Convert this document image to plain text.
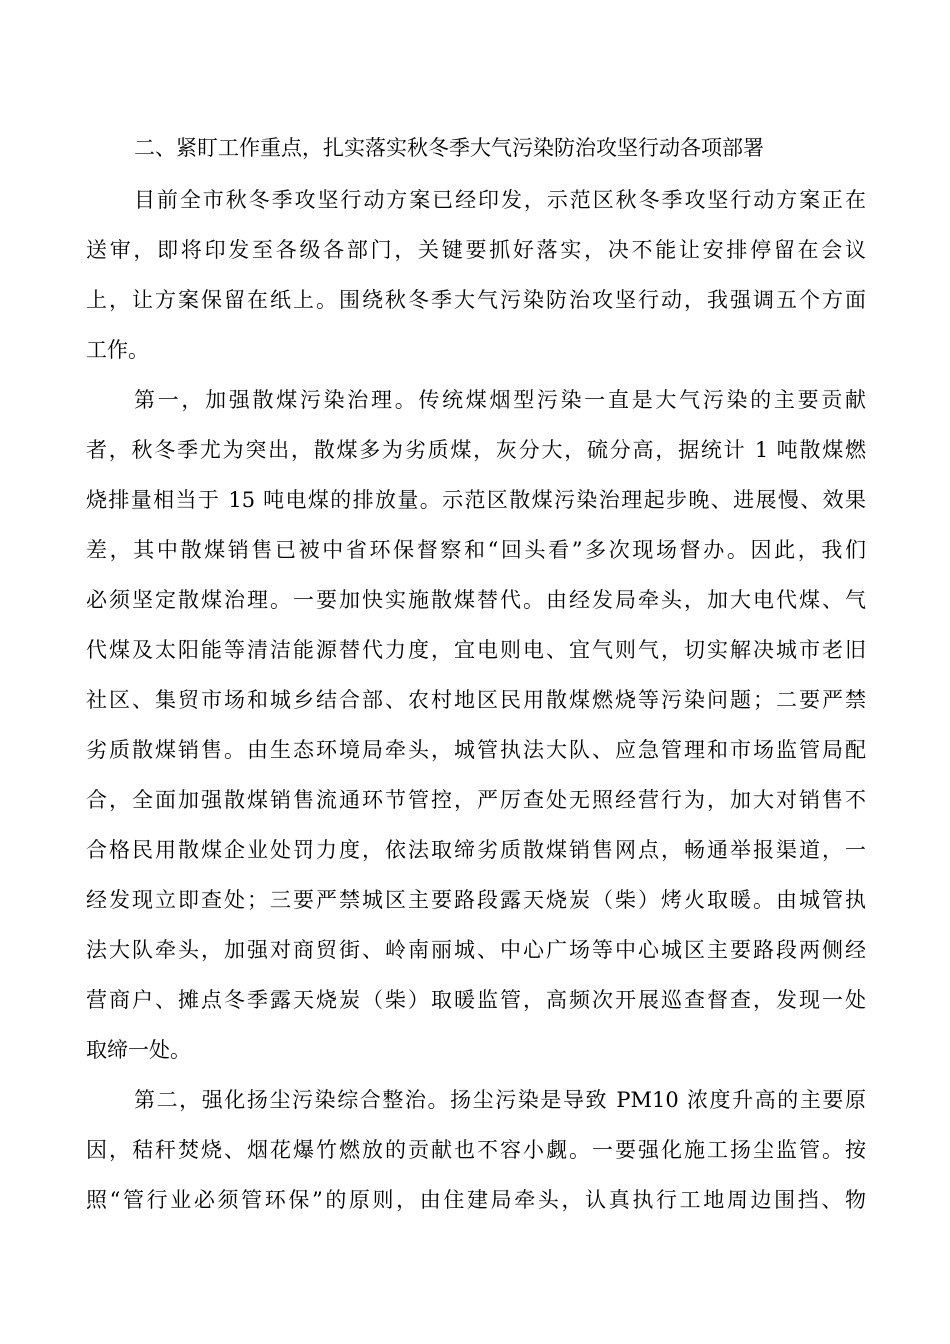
二、紧盯工作重点，扎实落实秋冬季大气污染防治攻坚行动各项部署
目前全市秋冬季攻坚行动方案已经印发，示范区秋冬季攻坚行动方案正在
送审，即将印发至各级各部门，关键要抓好落实，决不能让安排停留在会议
上，让方案保留在纸上。围绕秋冬季大气污染防治攻坚行动，我强调五个方面
工作。
第一，加强散煤污染治理。传统煤烟型污染一直是大气污染的主要贡献
者，秋冬季尤为突出，散煤多为劣质煤，灰分大，硫分高，据统计 1 吨散煤燃
烧排量相当于 15 吨电煤的排放量。示范区散煤污染治理起步晚、进展慢、效果
差，其中散煤销售已被中省环保督察和“回头看”多次现场督办。因此，我们
必须坚定散煤治理。一要加快实施散煤替代。由经发局牵头，加大电代煤、气
代煤及太阳能等清洁能源替代力度，宜电则电、宜气则气，切实解决城市老旧
社区、集贸市场和城乡结合部、农村地区民用散煤燃烧等污染问题；二要严禁
劣质散煤销售。由生态环境局牵头，城管执法大队、应急管理和市场监管局配
合，全面加强散煤销售流通环节管控，严厉查处无照经营行为，加大对销售不
合格民用散煤企业处罚力度，依法取缔劣质散煤销售网点，畅通举报渠道，一
经发现立即查处；三要严禁城区主要路段露天烧炭（柴）烤火取暖。由城管执
法大队牵头，加强对商贸街、岭南丽城、中心广场等中心城区主要路段两侧经
营商户、摊点冬季露天烧炭（柴）取暖监管，高频次开展巡查督查，发现一处
取缔一处。
第二，强化扬尘污染综合整治。扬尘污染是导致 PM10 浓度升高的主要原
因，秸秆焚烧、烟花爆竹燃放的贡献也不容小觑。一要强化施工扬尘监管。按
照“管行业必须管环保”的原则，由住建局牵头，认真执行工地周边围挡、物
